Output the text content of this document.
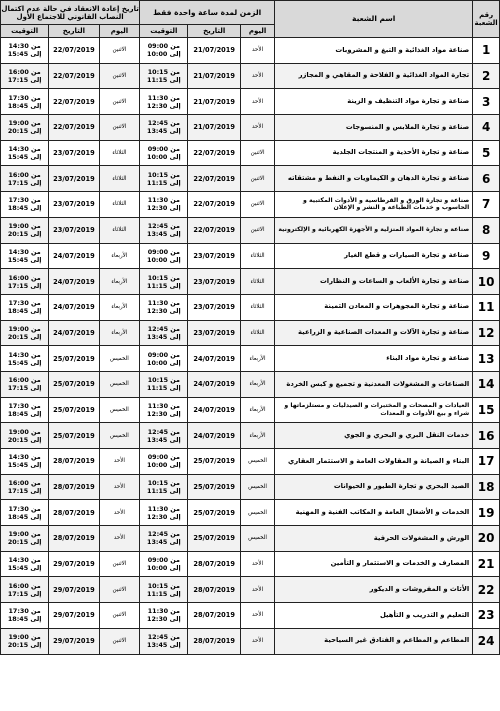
رقم الشعبة	اسم الشعبة	الزمن لمدة ساعة واحدة فقط			تاريخ إعادة الانعقاد في حالة عدم اكتمال النصاب القانوني للاجتماع الأول		
		اليوم	التاريخ	التوقيت	اليوم	التاريخ	التوقيت
1	صناعة مواد الغذائية و التبغ و المشروبات	الأحد	21/07/2019	من 09:00
إلى 10:00	الاثنين	22/07/2019	من 14:30
إلى 15:45

2	تجارة المواد الغذائية و الفلاحة و المقاهي و المجازر	الأحد	21/07/2019	من 10:15
إلى 11:15	الاثنين	22/07/2019	من 16:00
إلى 17:15

3	صناعة و تجارة مواد التنظيف و الزينة	الأحد	21/07/2019	من 11:30
إلى 12:30	الاثنين	22/07/2019	من 17:30
إلى 18:45

4	صناعة و تجارة الملابس و المنسوجات	الأحد	21/07/2019	من 12:45
إلى 13:45	الاثنين	22/07/2019	من 19:00
إلى 20:15

5	صناعة و تجارة الأحذية و المنتجات الجلدية	الاثنين	22/07/2019	من 09:00
إلى 10:00	الثلاثاء	23/07/2019	من 14:30
إلى 15:45

6	صناعة و تجارة الدهان و الكيماويات و النفط و مشتقاته	الاثنين	22/07/2019	من 10:15
إلى 11:15	الثلاثاء	23/07/2019	من 16:00
إلى 17:15

7	صناعة و تجارة الورق و القرطاسية و الأدوات المكتبية و الحاسوب و خدمات الطباعة و النشر و الإعلان	الاثنين	22/07/2019	من 11:30
إلى 12:30	الثلاثاء	23/07/2019	من 17:30
إلى 18:45

8	صناعة و تجارة المواد المنزلية و الأجهزة الكهربائية و الإلكترونية	الاثنين	22/07/2019	من 12:45
إلى 13:45	الثلاثاء	23/07/2019	من 19:00
إلى 20:15

9	صناعة و تجارة السيارات و قطع الغيار	الثلاثاء	23/07/2019	من 09:00
إلى 10:00	الأربعاء	24/07/2019	من 14:30
إلى 15:45

10	صناعة و تجارة الألعاب و الساعات و النظارات	الثلاثاء	23/07/2019	من 10:15
إلى 11:15	الأربعاء	24/07/2019	من 16:00
إلى 17:15

11	صناعة و تجارة المجوهرات و المعادن الثمينة	الثلاثاء	23/07/2019	من 11:30
إلى 12:30	الأربعاء	24/07/2019	من 17:30
إلى 18:45

12	صناعة و تجارة الآلات و المعدات الصناعية و الزراعية	الثلاثاء	23/07/2019	من 12:45
إلى 13:45	الأربعاء	24/07/2019	من 19:00
إلى 20:15

13	صناعة و تجارة مواد البناء	الأربعاء	24/07/2019	من 09:00
إلى 10:00	الخميس	25/07/2019	من 14:30
إلى 15:45

14	الصناعات و المشغولات المعدنية و تجميع و كبس الخردة	الأربعاء	24/07/2019	من 10:15
إلى 11:15	الخميس	25/07/2019	من 16:00
إلى 17:15

15	العيادات و المصحات و المختبرات و الصيدليات و مستلزماتها و شراء و بيع الأدوات و المعدات	الأربعاء	24/07/2019	من 11:30
إلى 12:30	الخميس	25/07/2019	من 17:30
إلى 18:45

16	خدمات النقل البري و البحري و الجوي	الأربعاء	24/07/2019	من 12:45
إلى 13:45	الخميس	25/07/2019	من 19:00
إلى 20:15

17	البناء و الصيانة و المقاولات العامة و الاستثمار العقاري	الخميس	25/07/2019	من 09:00
إلى 10:00	الأحد	28/07/2019	من 14:30
إلى 15:45

18	الصيد البحري و تجارة الطيور و الحيوانات	الخميس	25/07/2019	من 10:15
إلى 11:15	الأحد	28/07/2019	من 16:00
إلى 17:15

19	الخدمات و الأشغال العامة و المكاتب الفنية و المهنية	الخميس	25/07/2019	من 11:30
إلى 12:30	الأحد	28/07/2019	من 17:30
إلى 18:45

20	الورش و المشغولات الحرفية	الخميس	25/07/2019	من 12:45
إلى 13:45	الأحد	28/07/2019	من 19:00
إلى 20:15

21	المصارف و الخدمات و الاستثمار و التأمين	الأحد	28/07/2019	من 09:00
إلى 10:00	الاثنين	29/07/2019	من 14:30
إلى 15:45

22	الأثاث و المفروشات و الديكور	الأحد	28/07/2019	من 10:15
إلى 11:15	الاثنين	29/07/2019	من 16:00
إلى 17:15

23	التعليم و التدريب و التأهيل	الأحد	28/07/2019	من 11:30
إلى 12:30	الاثنين	29/07/2019	من 17:30
إلى 18:45

24	المطاعم و المطاعم و الفنادق غير السياحية	الأحد	28/07/2019	من 12:45
إلى 13:45	الاثنين	29/07/2019	من 19:00
إلى 20:15
